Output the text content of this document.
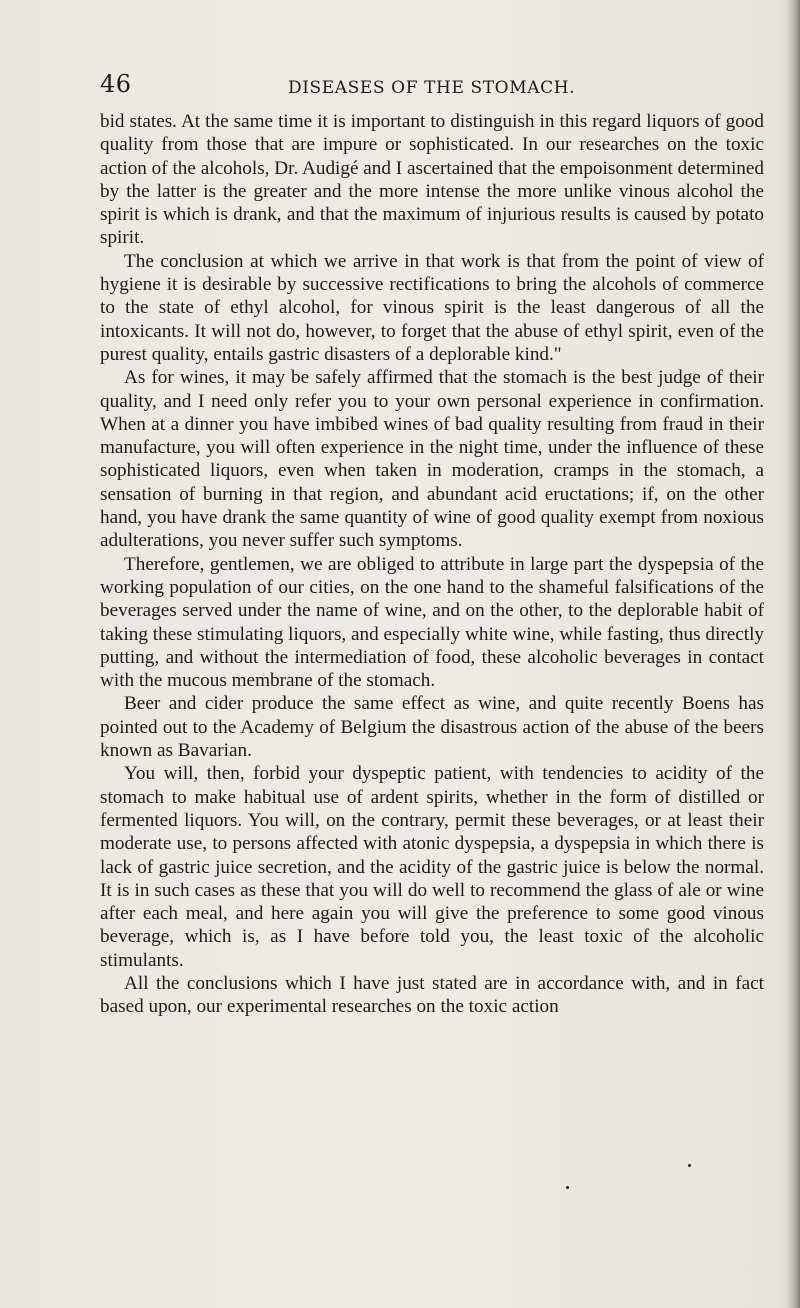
46	DISEASES OF THE STOMACH.

bid states. At the same time it is important to distinguish in this regard liquors of good quality from those that are impure or sophisticated. In our researches on the toxic action of the alcohols, Dr. Audigé and I ascertained that the empoisonment determined by the latter is the greater and the more intense the more unlike vinous alcohol the spirit is which is drank, and that the maximum of injurious results is caused by potato spirit.

The conclusion at which we arrive in that work is that from the point of view of hygiene it is desirable by successive rectifications to bring the alcohols of commerce to the state of ethyl alcohol, for vinous spirit is the least dangerous of all the intoxicants. It will not do, however, to forget that the abuse of ethyl spirit, even of the purest quality, entails gastric disasters of a deplorable kind."

As for wines, it may be safely affirmed that the stomach is the best judge of their quality, and I need only refer you to your own personal experience in confirmation. When at a dinner you have imbibed wines of bad quality resulting from fraud in their manufacture, you will often experience in the night time, under the influence of these sophisticated liquors, even when taken in moderation, cramps in the stomach, a sensation of burning in that region, and abundant acid eructations; if, on the other hand, you have drank the same quantity of wine of good quality exempt from noxious adulterations, you never suffer such symptoms.

Therefore, gentlemen, we are obliged to attribute in large part the dyspepsia of the working population of our cities, on the one hand to the shameful falsifications of the beverages served under the name of wine, and on the other, to the deplorable habit of taking these stimulating liquors, and especially white wine, while fasting, thus directly putting, and without the intermediation of food, these alcoholic beverages in contact with the mucous membrane of the stomach.

Beer and cider produce the same effect as wine, and quite recently Boens has pointed out to the Academy of Belgium the disastrous action of the abuse of the beers known as Bavarian.

You will, then, forbid your dyspeptic patient, with tendencies to acidity of the stomach to make habitual use of ardent spirits, whether in the form of distilled or fermented liquors. You will, on the contrary, permit these beverages, or at least their moderate use, to persons affected with atonic dyspepsia, a dyspepsia in which there is lack of gastric juice secretion, and the acidity of the gastric juice is below the normal. It is in such cases as these that you will do well to recommend the glass of ale or wine after each meal, and here again you will give the preference to some good vinous beverage, which is, as I have before told you, the least toxic of the alcoholic stimulants.

All the conclusions which I have just stated are in accordance with, and in fact based upon, our experimental researches on the toxic action
